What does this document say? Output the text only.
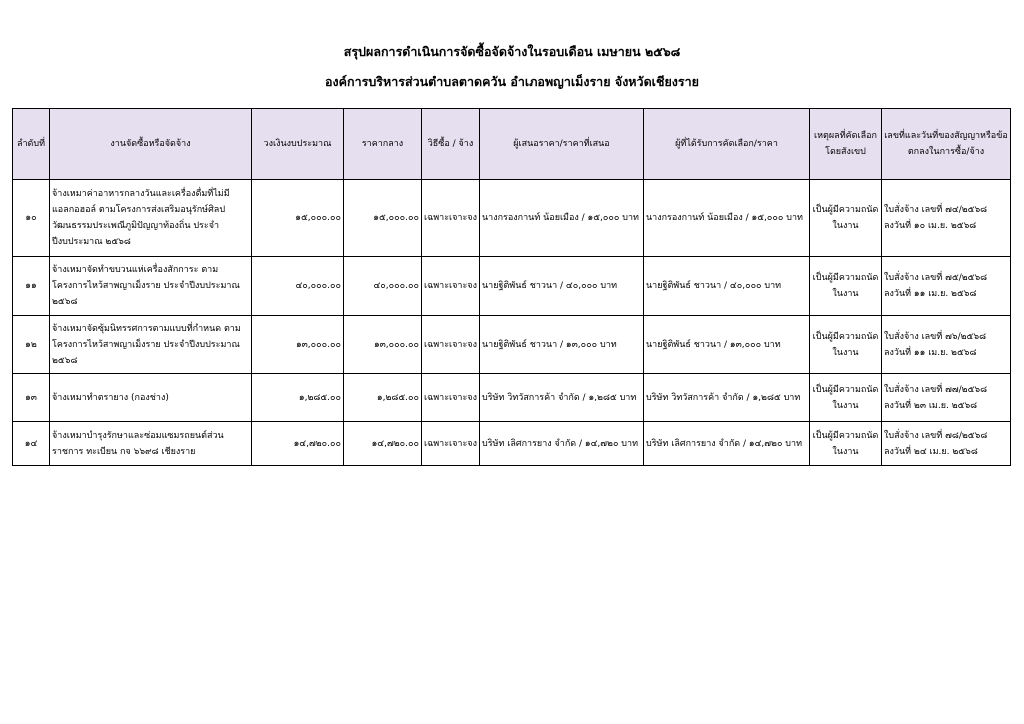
สรุปผลการดำเนินการจัดซื้อจัดจ้างในรอบเดือน เมษายน ๒๕๖๘
องค์การบริหารส่วนตำบลตาดควัน อำเภอพญาเม็งราย จังหวัดเชียงราย
ลำดับที่	งานจัดซื้อหรือจัดจ้าง	วงเงินงบประมาณ	ราคากลาง	วิธีซื้อ / จ้าง	ผู้เสนอราคา/ราคาที่เสนอ	ผู้ที่ได้รับการคัดเลือก/ราคา	เหตุผลที่คัดเลือกโดยสังเขป	เลขที่และวันที่ของสัญญาหรือข้อตกลงในการซื้อ/จ้าง
๑๐	จ้างเหมาค่าอาหารกลางวันและเครื่องดื่มที่ไม่มีแอลกอฮอล์ ตามโครงการส่งเสริมอนุรักษ์ศิลปวัฒนธรรมประเพณีภูมิปัญญาท้องถิ่น ประจำปีงบประมาณ ๒๕๖๘	๑๕,๐๐๐.๐๐	๑๕,๐๐๐.๐๐	เฉพาะเจาะจง	นางกรองกานท์ น้อยเมือง / ๑๕,๐๐๐ บาท	นางกรองกานท์ น้อยเมือง / ๑๕,๐๐๐ บาท	เป็นผู้มีความถนัดในงาน	ใบสั่งจ้าง เลขที่ ๗๔/๒๕๖๘
ลงวันที่ ๑๐ เม.ย. ๒๕๖๘

๑๑	จ้างเหมาจัดทำขบวนแห่เครื่องสักการะ ตามโครงการไหว้สาพญาเม็งราย ประจำปีงบประมาณ ๒๕๖๘	๔๐,๐๐๐.๐๐	๔๐,๐๐๐.๐๐	เฉพาะเจาะจง	นายฐิติพันธ์ ชาวนา / ๔๐,๐๐๐ บาท	นายฐิติพันธ์ ชาวนา / ๔๐,๐๐๐ บาท	เป็นผู้มีความถนัดในงาน	ใบสั่งจ้าง เลขที่ ๗๕/๒๕๖๘
ลงวันที่ ๑๑ เม.ย. ๒๕๖๘

๑๒	จ้างเหมาจัดซุ้มนิทรรศการตามแบบที่กำหนด ตามโครงการไหว้สาพญาเม็งราย ประจำปีงบประมาณ ๒๕๖๘	๑๓,๐๐๐.๐๐	๑๓,๐๐๐.๐๐	เฉพาะเจาะจง	นายฐิติพันธ์ ชาวนา / ๑๓,๐๐๐ บาท	นายฐิติพันธ์ ชาวนา / ๑๓,๐๐๐ บาท	เป็นผู้มีความถนัดในงาน	ใบสั่งจ้าง เลขที่ ๗๖/๒๕๖๘
ลงวันที่ ๑๑ เม.ย. ๒๕๖๘

๑๓	จ้างเหมาทำตรายาง (กองช่าง)	๑,๒๘๕.๐๐	๑,๒๘๕.๐๐	เฉพาะเจาะจง	บริษัท วิทวัสการค้า จำกัด / ๑,๒๘๕ บาท	บริษัท วิทวัสการค้า จำกัด / ๑,๒๘๕ บาท	เป็นผู้มีความถนัดในงาน	ใบสั่งจ้าง เลขที่ ๗๗/๒๕๖๘
ลงวันที่ ๒๓ เม.ย. ๒๕๖๘

๑๔	จ้างเหมาบำรุงรักษาและซ่อมแซมรถยนต์ส่วนราชการ ทะเบียน กจ ๖๖๙๘ เชียงราย	๑๔,๗๒๐.๐๐	๑๔,๗๒๐.๐๐	เฉพาะเจาะจง	บริษัท เลิศการยาง จำกัด / ๑๔,๗๒๐ บาท	บริษัท เลิศการยาง จำกัด / ๑๔,๗๒๐ บาท	เป็นผู้มีความถนัดในงาน	ใบสั่งจ้าง เลขที่ ๗๘/๒๕๖๘
ลงวันที่ ๒๔ เม.ย. ๒๕๖๘
